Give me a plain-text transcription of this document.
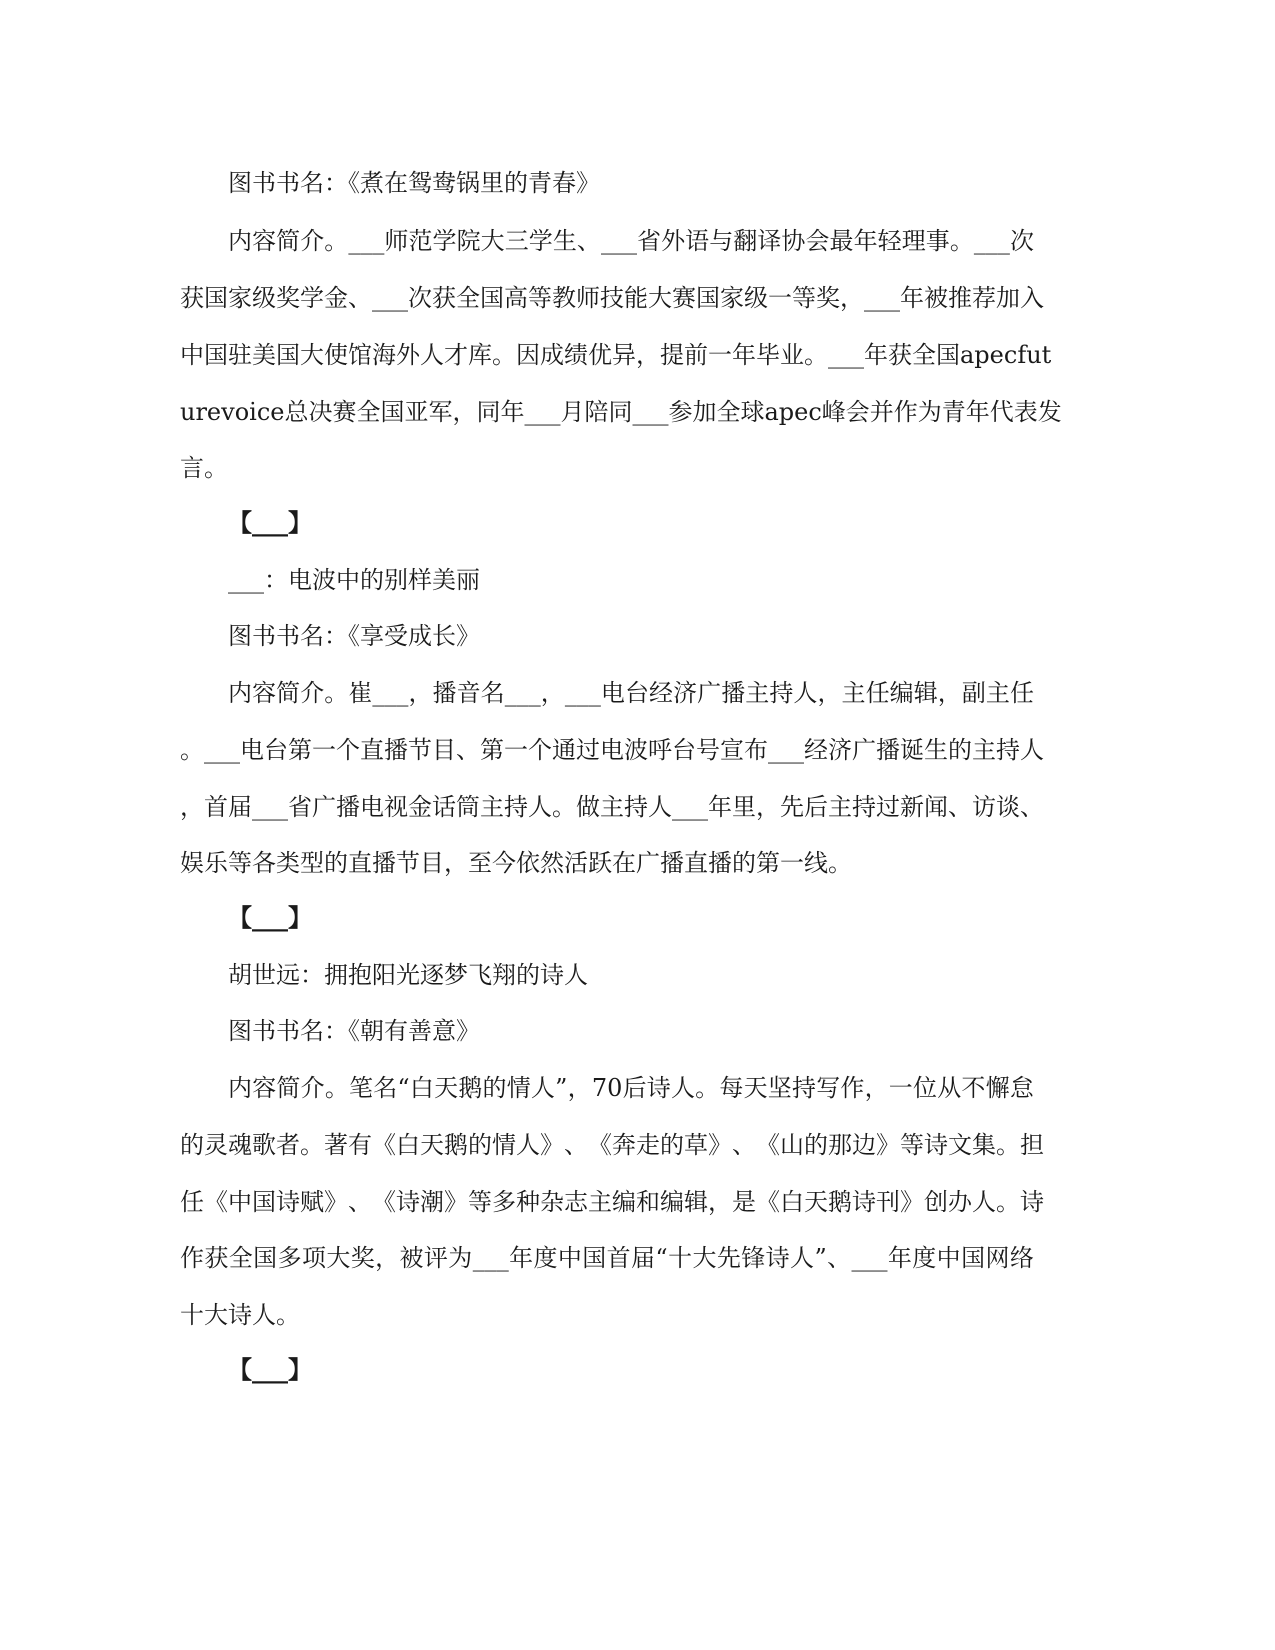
图书书名：《煮在鸳鸯锅里的青春》
内 容 简 介 。 ___ 师 范 学 院 大 三 学 生 、 ___ 省 外 语 与 翻 译 协 会 最 年 轻 理 事 。 ___ 次
获 国 家 级 奖 学 金 、 ___ 次 获 全 国 高 等 教 师 技 能 大 赛 国 家 级 一 等 奖 ， ___ 年 被 推 荐 加 入
中 国 驻 美 国 大 使 馆 海 外 人 才 库 。 因 成 绩 优 异 ， 提 前 一 年 毕 业 。 ___ 年 获 全 国 apecfut
urevoice 总 决 赛 全 国 亚 军 ， 同 年 ___ 月 陪 同 ___ 参 加 全 球 apec 峰 会 并 作 为 青 年 代 表 发
言。
【___】
___：电波中的别样美丽
图书书名：《享受成长》
内 容 简 介 。 崔 ___ ， 播 音 名 ___ ， ___ 电 台 经 济 广 播 主 持 人 ， 主 任 编 辑 ， 副 主 任
。 ___ 电 台 第 一 个 直 播 节 目 、 第 一 个 通 过 电 波 呼 台 号 宣 布 ___ 经 济 广 播 诞 生 的 主 持 人
， 首 届 ___ 省 广 播 电 视 金 话 筒 主 持 人 。 做 主 持 人 ___ 年 里 ， 先 后 主 持 过 新 闻 、 访 谈 、
娱乐等各类型的直播节目，至今依然活跃在广播直播的第一线。
【___】
胡世远：拥抱阳光逐梦飞翔的诗人
图书书名：《朝有善意》
内 容 简 介 。 笔 名 “ 白 天 鹅 的 情 人 ” ， 70 后 诗 人 。 每 天 坚 持 写 作 ， 一 位 从 不 懈 怠
的 灵 魂 歌 者 。 著 有 《 白 天 鹅 的 情 人 》 、 《 奔 走 的 草 》 、 《 山 的 那 边 》 等 诗 文 集 。 担
任 《 中 国 诗 赋 》 、 《 诗 潮 》 等 多 种 杂 志 主 编 和 编 辑 ， 是 《 白 天 鹅 诗 刊 》 创 办 人 。 诗
作 获 全 国 多 项 大 奖 ， 被 评 为 ___ 年 度 中 国 首 届 “ 十 大 先 锋 诗 人 ” 、 ___ 年 度 中 国 网 络
十大诗人。
【___】
